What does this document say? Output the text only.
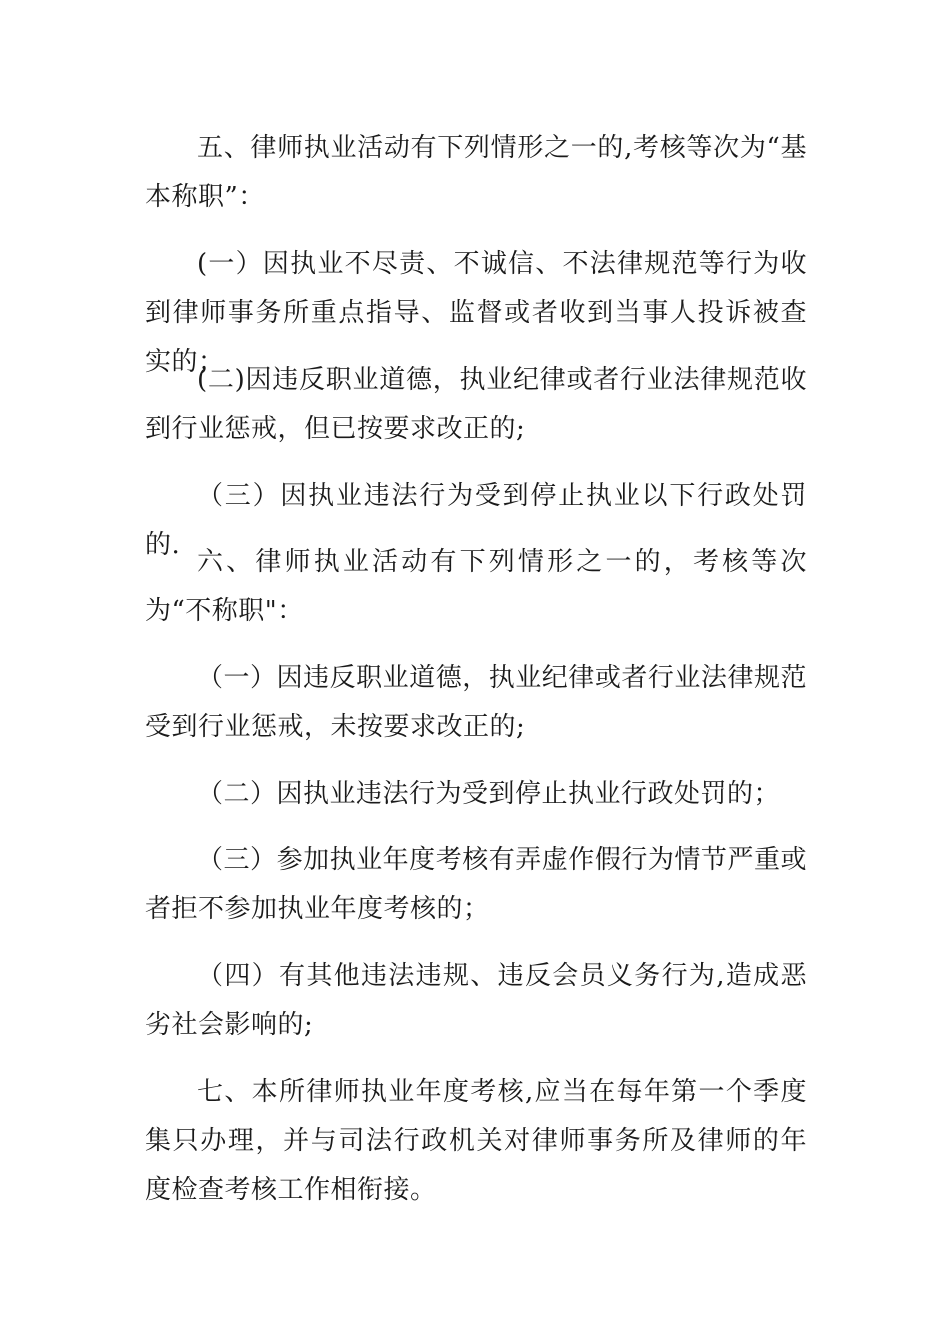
五、律师执业活动有下列情形之一的,考核等次为“基本称职”：

(一）因执业不尽责、不诚信、不法律规范等行为收到律师事务所重点指导、监督或者收到当事人投诉被查实的；

(二)因违反职业道德，执业纪律或者行业法律规范收到行业惩戒，但已按要求改正的;

（三）因执业违法行为受到停止执业以下行政处罚的.

六、律师执业活动有下列情形之一的，考核等次为“不称职"：

（一）因违反职业道德，执业纪律或者行业法律规范受到行业惩戒，未按要求改正的;

（二）因执业违法行为受到停止执业行政处罚的；

（三）参加执业年度考核有弄虚作假行为情节严重或者拒不参加执业年度考核的；

（四）有其他违法违规、违反会员义务行为,造成恶劣社会影响的;

七、本所律师执业年度考核,应当在每年第一个季度集只办理，并与司法行政机关对律师事务所及律师的年度检查考核工作相衔接。
